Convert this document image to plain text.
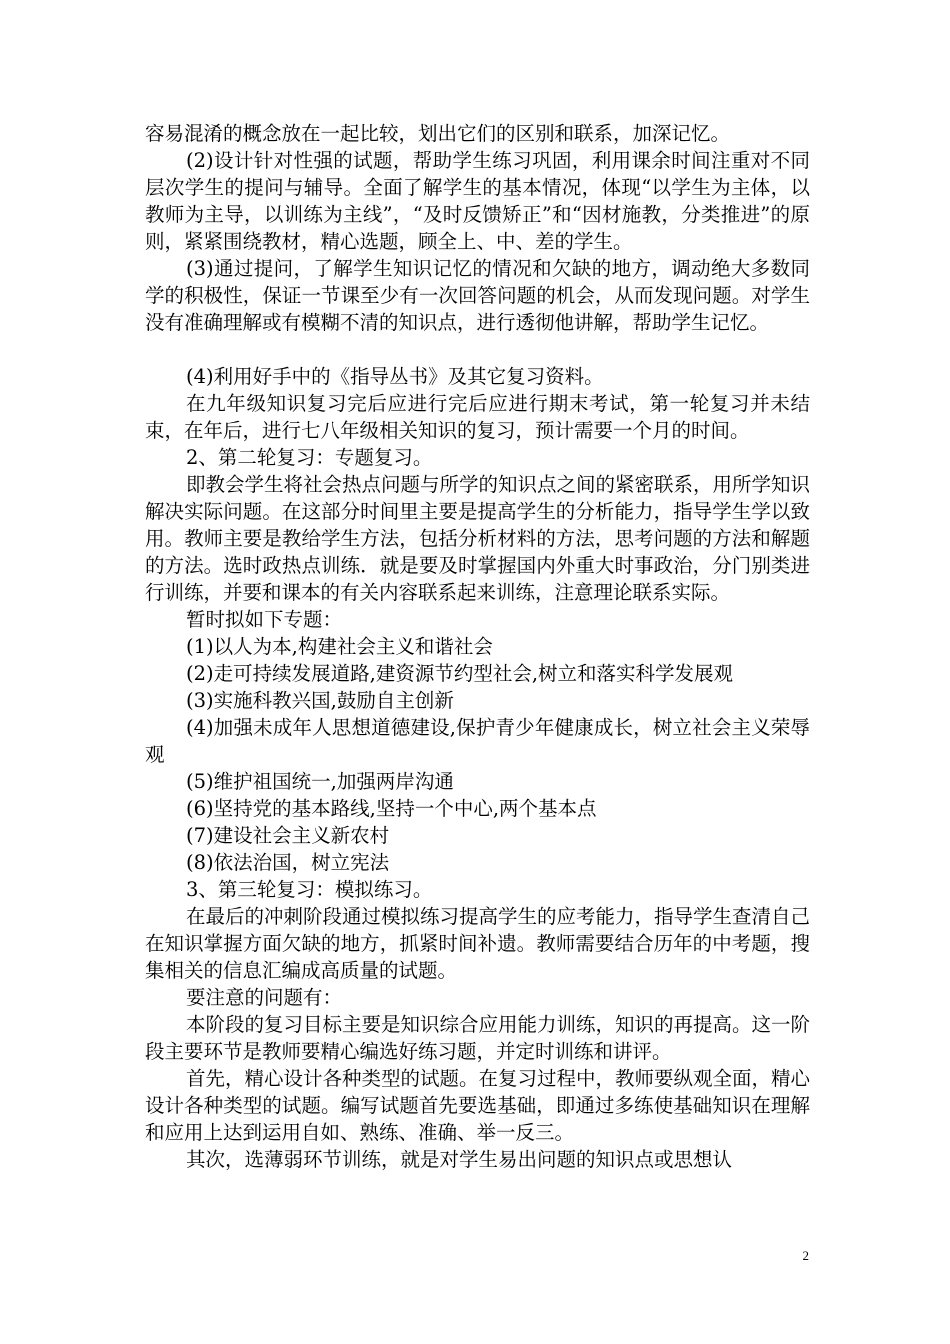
容易混淆的概念放在一起比较，划出它们的区别和联系，加深记忆。

(2)设计针对性强的试题，帮助学生练习巩固，利用课余时间注重对不同层次学生的提问与辅导。全面了解学生的基本情况，体现“以学生为主体，以教师为主导，以训练为主线”，“及时反馈矫正”和“因材施教，分类推进”的原则，紧紧围绕教材，精心选题，顾全上、中、差的学生。

(3)通过提问，了解学生知识记忆的情况和欠缺的地方，调动绝大多数同学的积极性，保证一节课至少有一次回答问题的机会，从而发现问题。对学生没有准确理解或有模糊不清的知识点，进行透彻他讲解，帮助学生记忆。

(4)利用好手中的《指导丛书》及其它复习资料。

在九年级知识复习完后应进行完后应进行期末考试，第一轮复习并未结束，在年后，进行七八年级相关知识的复习，预计需要一个月的时间。

2、第二轮复习：专题复习。

即教会学生将社会热点问题与所学的知识点之间的紧密联系，用所学知识解决实际问题。在这部分时间里主要是提高学生的分析能力，指导学生学以致用。教师主要是教给学生方法，包括分析材料的方法，思考问题的方法和解题的方法。选时政热点训练．就是要及时掌握国内外重大时事政治，分门别类进行训练，并要和课本的有关内容联系起来训练，注意理论联系实际。

暂时拟如下专题：

(1)以人为本,构建社会主义和谐社会

(2)走可持续发展道路,建资源节约型社会,树立和落实科学发展观

(3)实施科教兴国,鼓励自主创新

(4)加强未成年人思想道德建设,保护青少年健康成长，树立社会主义荣辱观

(5)维护祖国统一,加强两岸沟通

(6)坚持党的基本路线,坚持一个中心,两个基本点

(7)建设社会主义新农村

(8)依法治国，树立宪法

3、第三轮复习：模拟练习。

在最后的冲刺阶段通过模拟练习提高学生的应考能力，指导学生查清自己在知识掌握方面欠缺的地方，抓紧时间补遗。教师需要结合历年的中考题，搜集相关的信息汇编成高质量的试题。

要注意的问题有：

本阶段的复习目标主要是知识综合应用能力训练，知识的再提高。这一阶段主要环节是教师要精心编选好练习题，并定时训练和讲评。

首先，精心设计各种类型的试题。在复习过程中，教师要纵观全面，精心设计各种类型的试题。编写试题首先要选基础，即通过多练使基础知识在理解和应用上达到运用自如、熟练、准确、举一反三。

其次，选薄弱环节训练，就是对学生易出问题的知识点或思想认

2
